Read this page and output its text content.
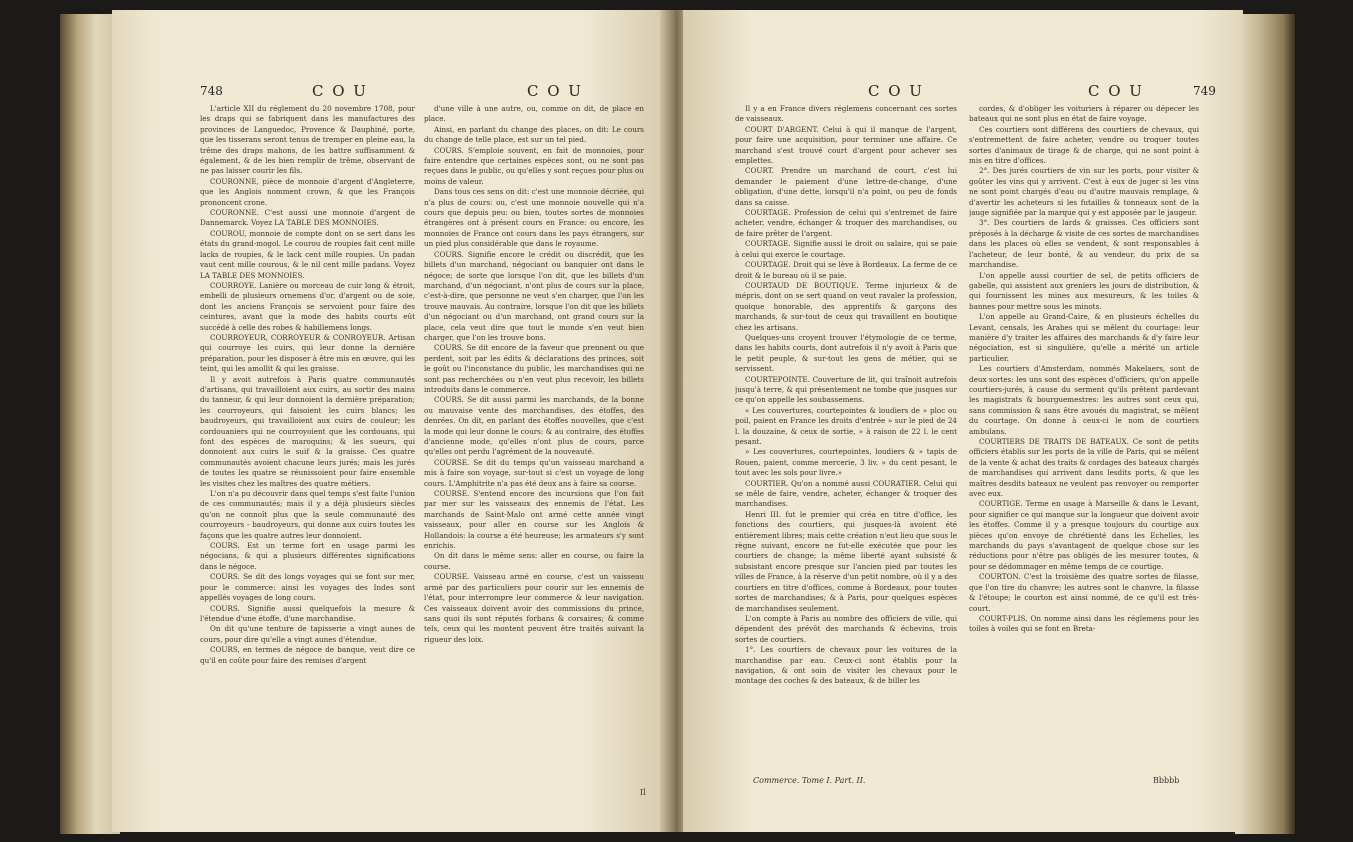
748	C O U	C O U

L'article XII du réglement du 20 novembre 1708, pour les draps qui se fabriquent dans les manufactures des provinces de Languedoc, Provence & Dauphiné, porte, que les tisserans seront tenus de tremper en pleine eau, la trême des draps mahons, de les battre suffisamment & également, & de les bien remplir de trême, observant de ne pas laisser courir les fils.

COURONNE, pièce de monnoie d'argent d'Angleterre, que les Anglois nomment crown, & que les François prononcent crone.

COURONNE. C'est aussi une monnoie d'argent de Dannemarck. Voyez LA TABLE DES MONNOIES.

COUROU, monnoie de compte dont on se sert dans les états du grand-mogol. Le courou de roupies fait cent mille lacks de roupies, & le lack cent mille roupies. Un padan vaut cent mille courous, & le nil cent mille padans. Voyez LA TABLE DES MONNOIES.

COURROYE. Lanière ou morceau de cuir long & étroit, embelli de plusieurs ornemens d'or, d'argent ou de soie, dont les anciens François se servoient pour faire des ceintures, avant que la mode des habits courts eût succédé à celle des robes & habillemens longs.

COURROYEUR, CORROYEUR & CONROYEUR. Artisan qui courroye les cuirs, qui leur donne la dernière préparation, pour les disposer à être mis en œuvre, qui les teint, qui les amollit & qui les graisse.

Il y avoit autrefois à Paris quatre communautés d'artisans, qui travailloient aux cuirs, au sortir des mains du tanneur, & qui leur donnoient la dernière préparation; les courroyeurs, qui faisoient les cuirs blancs; les baudroyeurs, qui travailloient aux cuirs de couleur; les cordouaniers qui ne courroyoient que les cordouans, qui font des espèces de maroquins; & les sueurs, qui donnoient aux cuirs le suif & la graisse. Ces quatre communautés avoient chacune leurs jurés; mais les jurés de toutes les quatre se réunissoient pour faire ensemble les visites chez les maîtres des quatre métiers.

L'on n'a pu découvrir dans quel temps s'est faite l'union de ces communautés; mais il y a déjà plusieurs siècles qu'on ne connoît plus que la seule communauté des courroyeurs - baudroyeurs, qui donne aux cuirs toutes les façons que les quatre autres leur donnoient.

COURS. Est un terme fort en usage parmi les négocians, & qui a plusieurs différentes significations dans le négoce.

COURS. Se dit des longs voyages qui se font sur mer, pour le commerce: ainsi les voyages des Indes sont appellés voyages de long cours.

COURS. Signifie aussi quelquefois la mesure & l'étendue d'une étoffe, d'une marchandise.

On dit qu'une tenture de tapisserie a vingt aunes de cours, pour dire qu'elle a vingt aunes d'étendue.

COURS, en termes de négoce de banque, veut dire ce qu'il en coûte pour faire des remises d'argent

d'une ville à une autre, ou, comme on dit, de place en place.

Ainsi, en parlant du change des places, on dit: Le cours du change de telle place, est sur un tel pied.

COURS. S'emploie souvent, en fait de monnoies, pour faire entendre que certaines espèces sont, ou ne sont pas reçues dans le public, ou qu'elles y sont reçues pour plus ou moins de valeur.

Dans tous ces sens on dit: c'est une monnoie décriée, qui n'a plus de cours: ou, c'est une monnoie nouvelle qui n'a cours que depuis peu: ou bien, toutes sortes de monnoies étrangères ont à présent cours en France: ou encore, les monnoies de France ont cours dans les pays étrangers, sur un pied plus considérable que dans le royaume.

COURS. Signifie encore le crédit ou discrédit, que les billets d'un marchand, négociant ou banquier ont dans le négoce; de sorte que lorsque l'on dit, que les billets d'un marchand, d'un négociant, n'ont plus de cours sur la place, c'est-à-dire, que personne ne veut s'en charger, que l'on les trouve mauvais. Au contraire, lorsque l'on dit que les billets d'un négociant ou d'un marchand, ont grand cours sur la place, cela veut dire que tout le monde s'en veut bien charger, que l'on les trouve bons.

COURS. Se dit encore de la faveur que prennent ou que perdent, soit par les édits & déclarations des princes, soit le goût ou l'inconstance du public, les marchandises qui ne sont pas recherchées ou n'en veut plus recevoir, les billets introduits dans le commerce.

COURS. Se dit aussi parmi les marchands, de la bonne ou mauvaise vente des marchandises, des étoffes, des denrées. On dit, en parlant des étoffes nouvelles, que c'est la mode qui leur donne le cours: & au contraire, des étoffes d'ancienne mode, qu'elles n'ont plus de cours, parce qu'elles ont perdu l'agrément de la nouveauté.

COURSE. Se dit du temps qu'un vaisseau marchand a mis à faire son voyage, sur-tout si c'est un voyage de long cours. L'Amphitrite n'a pas été deux ans à faire sa course.

COURSE. S'entend encore des incursions que l'on fait par mer sur les vaisseaux des ennemis de l'état. Les marchands de Saint-Malo ont armé cette année vingt vaisseaux, pour aller en course sur les Anglois & Hollandois: la course a été heureuse; les armateurs s'y sont enrichis.

On dit dans le même sens: aller en course, ou faire la course.

COURSE. Vaisseau armé en course, c'est un vaisseau armé par des particuliers pour courir sur les ennemis de l'état, pour interrompre leur commerce & leur navigation. Ces vaisseaux doivent avoir des commissions du prince, sans quoi ils sont réputés forbans & corsaires; & comme tels, ceux qui les montent peuvent être traités suivant la rigueur des loix.

Il
C O U	C O U	749

Il y a en France divers réglemens concernant ces sortes de vaisseaux.

COURT D'ARGENT. Celui à qui il manque de l'argent, pour faire une acquisition, pour terminer une affaire. Ce marchand s'est trouvé court d'argent pour achever ses emplettes.

COURT. Prendre un marchand de court, c'est lui demander le paiement d'une lettre-de-change, d'une obligation, d'une dette, lorsqu'il n'a point, ou peu de fonds dans sa caisse.

COURTAGE. Profession de celui qui s'entremet de faire acheter, vendre, échanger & troquer des marchandises, ou de faire prêter de l'argent.

COURTAGE. Signifie aussi le droit ou salaire, qui se paie à celui qui exerce le courtage.

COURTAGE. Droit qui se lève à Bordeaux. La ferme de ce droit & le bureau où il se paie.

COURTAUD DE BOUTIQUE. Terme injurieux & de mépris, dont on se sert quand on veut ravaler la profession, quoique honorable, des apprentifs & garçons des marchands, & sur-tout de ceux qui travaillent en boutique chez les artisans.

Quelques-uns croyent trouver l'étymologie de ce terme, dans les habits courts, dont autrefois il n'y avoit à Paris que le petit peuple, & sur-tout les gens de métier, qui se servissent.

COURTEPOINTE. Couverture de lit, qui traînoit autrefois jusqu'à terre, & qui présentement ne tombe que jusques sur ce qu'on appelle les soubassemens.

« Les couvertures, courtepointes & loudiers de » ploc ou poil, paient en France les droits d'entrée » sur le pied de 24 l. la douzaine, & ceux de sortie, » à raison de 22 l. le cent pesant.

» Les couvertures, courtepointes, loudiers & » tapis de Rouen, paient, comme mercerie, 3 liv. » du cent pesant, le tout avec les sols pour livre.»

COURTIER. Qu'on a nommé aussi COURATIER. Celui qui se mêle de faire, vendre, acheter, échanger & troquer des marchandises.

Henri III. fut le premier qui créa en titre d'office, les fonctions des courtiers, qui jusques-là avoient été entièrement libres; mais cette création n'eut lieu que sous le règne suivant, encore ne fut-elle exécutée que pour les courtiers de change; la même liberté ayant subsisté & subsistant encore presque sur l'ancien pied par toutes les villes de France, à la réserve d'un petit nombre, où il y a des courtiers en titre d'offices, comme à Bordeaux, pour toutes sortes de marchandises; & à Paris, pour quelques espèces de marchandises seulement.

L'on compte à Paris au nombre des officiers de ville, qui dépendent des prévôt des marchands & échevins, trois sortes de courtiers.

1°. Les courtiers de chevaux pour les voitures de la marchandise par eau. Ceux-ci sont établis pour la navigation, & ont soin de visiter les chevaux pour le montage des coches & des bateaux, & de biller les

cordes, & d'obliger les voituriers à réparer ou dépecer les bateaux qui ne sont plus en état de faire voyage.

Ces courtiers sont différens des courtiers de chevaux, qui s'entremettent de faire acheter, vendre ou troquer toutes sortes d'animaux de tirage & de charge, qui ne sont point à mis en titre d'offices.

2°. Des jurés courtiers de vin sur les ports, pour visiter & goûter les vins qui y arrivent. C'est à eux de juger si les vins ne sont point chargés d'eau ou d'autre mauvais remplage, & d'avertir les acheteurs si les futailles & tonneaux sont de la jauge signifiée par la marque qui y est apposée par le jaugeur.

3°. Des courtiers de lards & graisses. Ces officiers sont préposés à la décharge & visite de ces sortes de marchandises dans les places où elles se vendent, & sont responsables à l'acheteur, de leur bonté, & au vendeur, du prix de sa marchandise.

L'on appelle aussi courtier de sel, de petits officiers de gabelle, qui assistent aux greniers les jours de distribution, & qui fournissent les mines aux mesureurs, & les toiles & bannes pour mettre sous les minots.

L'on appelle au Grand-Caire, & en plusieurs échelles du Levant, censals, les Arabes qui se mêlent du courtage: leur manière d'y traiter les affaires des marchands & d'y faire leur négociation, est si singulière, qu'elle a mérité un article particulier.

Les courtiers d'Amsterdam, nommés Makelaers, sont de deux sortes: les uns sont des espèces d'officiers, qu'on appelle courtiers-jurés, à cause du serment qu'ils prêtent pardevant les magistrats & bourguemestres: les autres sont ceux qui, sans commission & sans être avoués du magistrat, se mêlent du courtage. On donne à ceux-ci le nom de courtiers ambulans.

COURTIERS DE TRAITS DE BATEAUX. Ce sont de petits officiers établis sur les ports de la ville de Paris, qui se mêlent de la vente & achat des traits & cordages des bateaux chargés de marchandises qui arrivent dans lesdits ports, & que les maîtres desdits bateaux ne veulent pas renvoyer ou remporter avec eux.

COURTIGE. Terme en usage à Marseille & dans le Levant, pour signifier ce qui manque sur la longueur que doivent avoir les étoffes. Comme il y a presque toujours du courtige aux pièces qu'on envoye de chrétienté dans les Echelles, les marchands du pays s'avantagent de quelque chose sur les réductions pour n'être pas obligés de les mesurer toutes, & pour se dédommager en même temps de ce courtige.

COURTON. C'est la troisième des quatre sortes de filasse, que l'on tire du chanvre; les autres sont le chanvre, la filasse & l'étoupe; le courton est ainsi nommé, de ce qu'il est très-court.

COURT-PLIS. On nomme ainsi dans les réglemens pour les toiles à voiles qui se font en Breta-

Commerce. Tome I. Part. II.	Bbbbb
